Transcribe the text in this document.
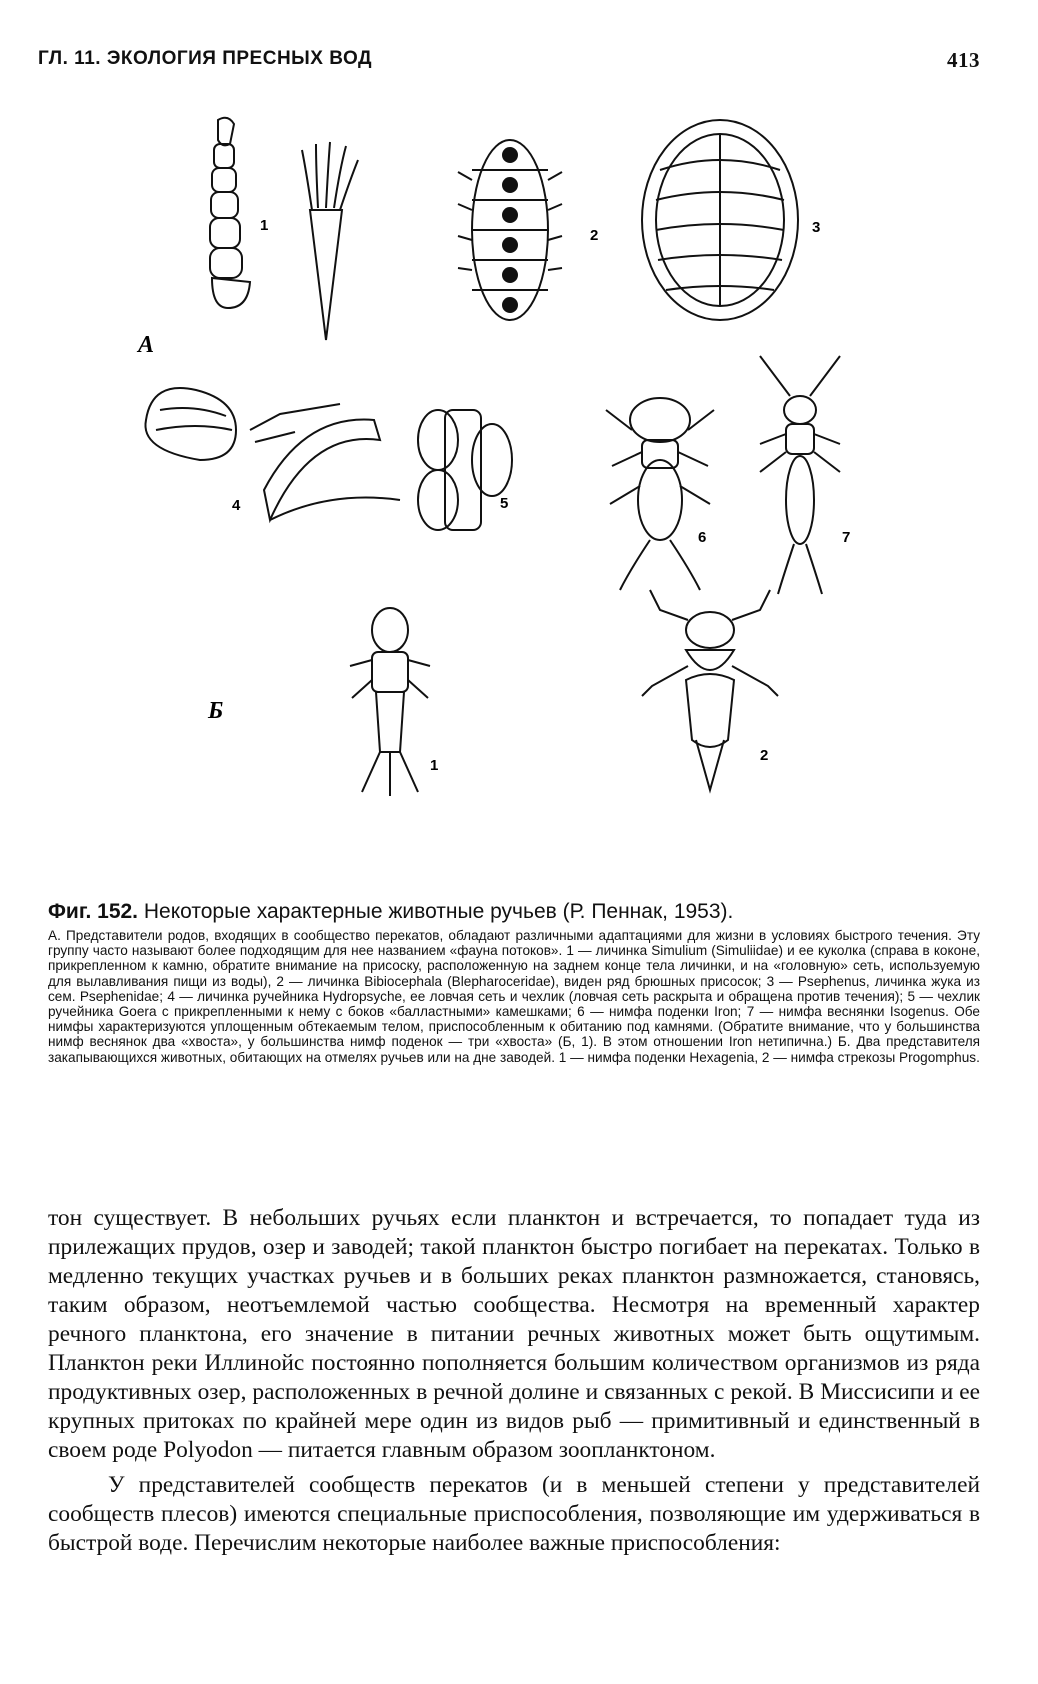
ГЛ. 11. ЭКОЛОГИЯ ПРЕСНЫХ ВОД	413
1
2	3
А
4	5
6	7
1
2
Б

Фиг. 152. Некоторые характерные животные ручьев (Р. Пеннак, 1953).

А. Представители родов, входящих в сообщество перекатов, обладают различными адаптациями для жизни в условиях быстрого течения. Эту группу часто называют более подходящим для нее названием «фауна потоков». 1 — личинка Simulium (Simuliidae) и ее куколка (справа в коконе, прикрепленном к камню, обратите внимание на присоску, расположенную на заднем конце тела личинки, и на «головную» сеть, используемую для вылавливания пищи из воды), 2 — личинка Bibiocephala (Blepharoceridae), виден ряд брюшных присосок; 3 — Psephenus, личинка жука из сем. Psephenidae; 4 — личинка ручейника Hydropsyche, ее ловчая сеть и чехлик (ловчая сеть раскрыта и обращена против течения); 5 — чехлик ручейника Goera с прикрепленными к нему с боков «балластными» камешками; 6 — нимфа поденки Iron; 7 — нимфа веснянки Isogenus. Обе нимфы характеризуются уплощенным обтекаемым телом, приспособленным к обитанию под камнями. (Обратите внимание, что у большинства нимф веснянок два «хвоста», у большинства нимф поденок — три «хвоста» (Б, 1). В этом отношении Iron нетипична.) Б. Два представителя закапывающихся животных, обитающих на отмелях ручьев или на дне заводей. 1 — нимфа поденки Hexagenia, 2 — нимфа стрекозы Progomphus.

тон существует. В небольших ручьях если планктон и встречается, то попадает туда из прилежащих прудов, озер и заводей; такой планктон быстро погибает на перекатах. Только в медленно текущих участках ручьев и в больших реках планктон размножается, становясь, таким образом, неотъемлемой частью сообщества. Несмотря на временный характер речного планктона, его значение в питании речных животных может быть ощутимым. Планктон реки Иллинойс постоянно пополняется большим количеством организмов из ряда продуктивных озер, расположенных в речной долине и связанных с рекой. В Миссисипи и ее крупных притоках по крайней мере один из видов рыб — примитивный и единственный в своем роде Polyodon — питается главным образом зоопланктоном.

У представителей сообществ перекатов (и в меньшей степени у представителей сообществ плесов) имеются специальные приспособления, позволяющие им удерживаться в быстрой воде. Перечислим некоторые наиболее важные приспособления:
